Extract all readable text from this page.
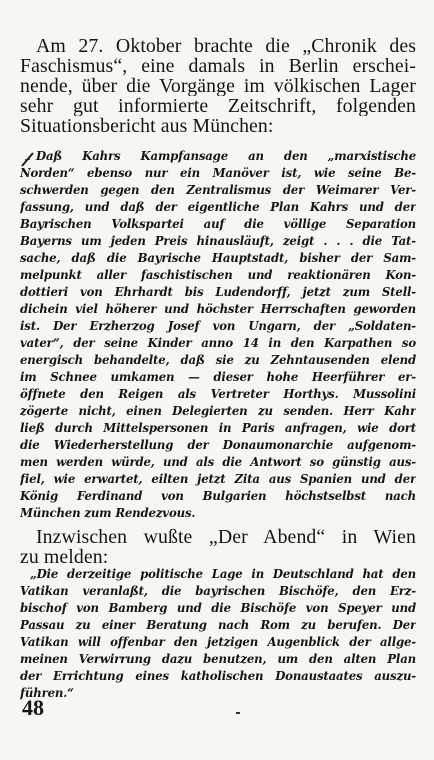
Am 27. Oktober brachte die „Chronik des
Faschismus“, eine damals in Berlin erschei-
nende, über die Vorgänge im völkischen Lager
sehr gut informierte Zeitschrift, folgenden
Situationsbericht aus München:
Daß Kahrs Kampfansage an den „marxistische
Norden“ ebenso nur ein Manöver ist, wie seine Be-
schwerden gegen den Zentralismus der Weimarer Ver-
fassung, und daß der eigentliche Plan Kahrs und der
Bayrischen Volkspartei auf die völlige Separation
Bayerns um jeden Preis hinausläuft, zeigt . . . die Tat-
sache, daß die Bayrische Hauptstadt, bisher der Sam-
melpunkt aller faschistischen und reaktionären Kon-
dottieri von Ehrhardt bis Ludendorff, jetzt zum Stell-
dichein viel höherer und höchster Herrschaften geworden
ist. Der Erzherzog Josef von Ungarn, der „Soldaten-
vater“, der seine Kinder anno 14 in den Karpathen so
energisch behandelte, daß sie zu Zehntausenden elend
im Schnee umkamen — dieser hohe Heerführer er-
öffnete den Reigen als Vertreter Horthys. Mussolini
zögerte nicht, einen Delegierten zu senden. Herr Kahr
ließ durch Mittelspersonen in Paris anfragen, wie dort
die Wiederherstellung der Donaumonarchie aufgenom-
men werden würde, und als die Antwort so günstig aus-
fiel, wie erwartet, eilten jetzt Zita aus Spanien und der
König Ferdinand von Bulgarien höchstselbst nach
München zum Rendezvous.
Inzwischen wußte „Der Abend“ in Wien
zu melden:
„Die derzeitige politische Lage in Deutschland hat den
Vatikan veranlaßt, die bayrischen Bischöfe, den Erz-
bischof von Bamberg und die Bischöfe von Speyer und
Passau zu einer Beratung nach Rom zu berufen. Der
Vatikan will offenbar den jetzigen Augenblick der allge-
meinen Verwirrung dazu benutzen, um den alten Plan
der Errichtung eines katholischen Donaustaates auszu-
führen.“
48
